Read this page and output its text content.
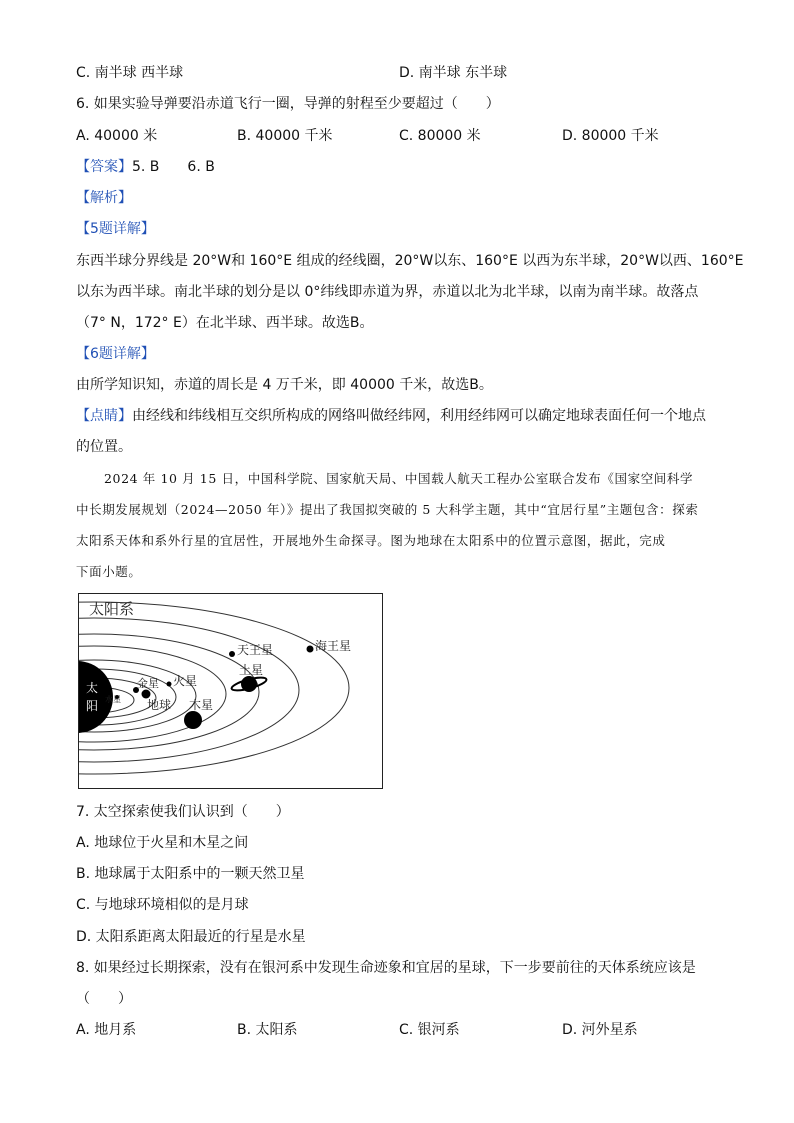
C. 南半球 西半球	D. 南半球 东半球
6. 如果实验导弹要沿赤道飞行一圈，导弹的射程至少要超过（　　）
A. 40000 米	B. 40000 千米	C. 80000 米	D. 80000 千米
【答案】5. B　　6. B
【解析】
【5题详解】
东西半球分界线是 20°W和 160°E 组成的经线圈，20°W以东、160°E 以西为东半球，20°W以西、160°E
以东为西半球。南北半球的划分是以 0°纬线即赤道为界，赤道以北为北半球，以南为南半球。故落点
（7° N，172° E）在北半球、西半球。故选B。
【6题详解】
由所学知识知，赤道的周长是 4 万千米，即 40000 千米，故选B。
【点睛】由经线和纬线相互交织所构成的网络叫做经纬网，利用经纬网可以确定地球表面任何一个地点
的位置。
2024 年 10 月 15 日，中国科学院、国家航天局、中国载人航天工程办公室联合发布《国家空间科学
中长期发展规划（2024—2050 年）》提出了我国拟突破的 5 大科学主题，其中“宜居行星”主题包含：探索
太阳系天体和系外行星的宜居性，开展地外生命探寻。图为地球在太阳系中的位置示意图，据此，完成
下面小题。
太阳系
太
阳 水星
金星
地球
火星
木星
土星
天王星	海王星
7. 太空探索使我们认识到（　　）
A. 地球位于火星和木星之间
B. 地球属于太阳系中的一颗天然卫星
C. 与地球环境相似的是月球
D. 太阳系距离太阳最近的行星是水星
8. 如果经过长期探索，没有在银河系中发现生命迹象和宜居的星球，下一步要前往的天体系统应该是
（　　）
A. 地月系	B. 太阳系	C. 银河系	D. 河外星系
